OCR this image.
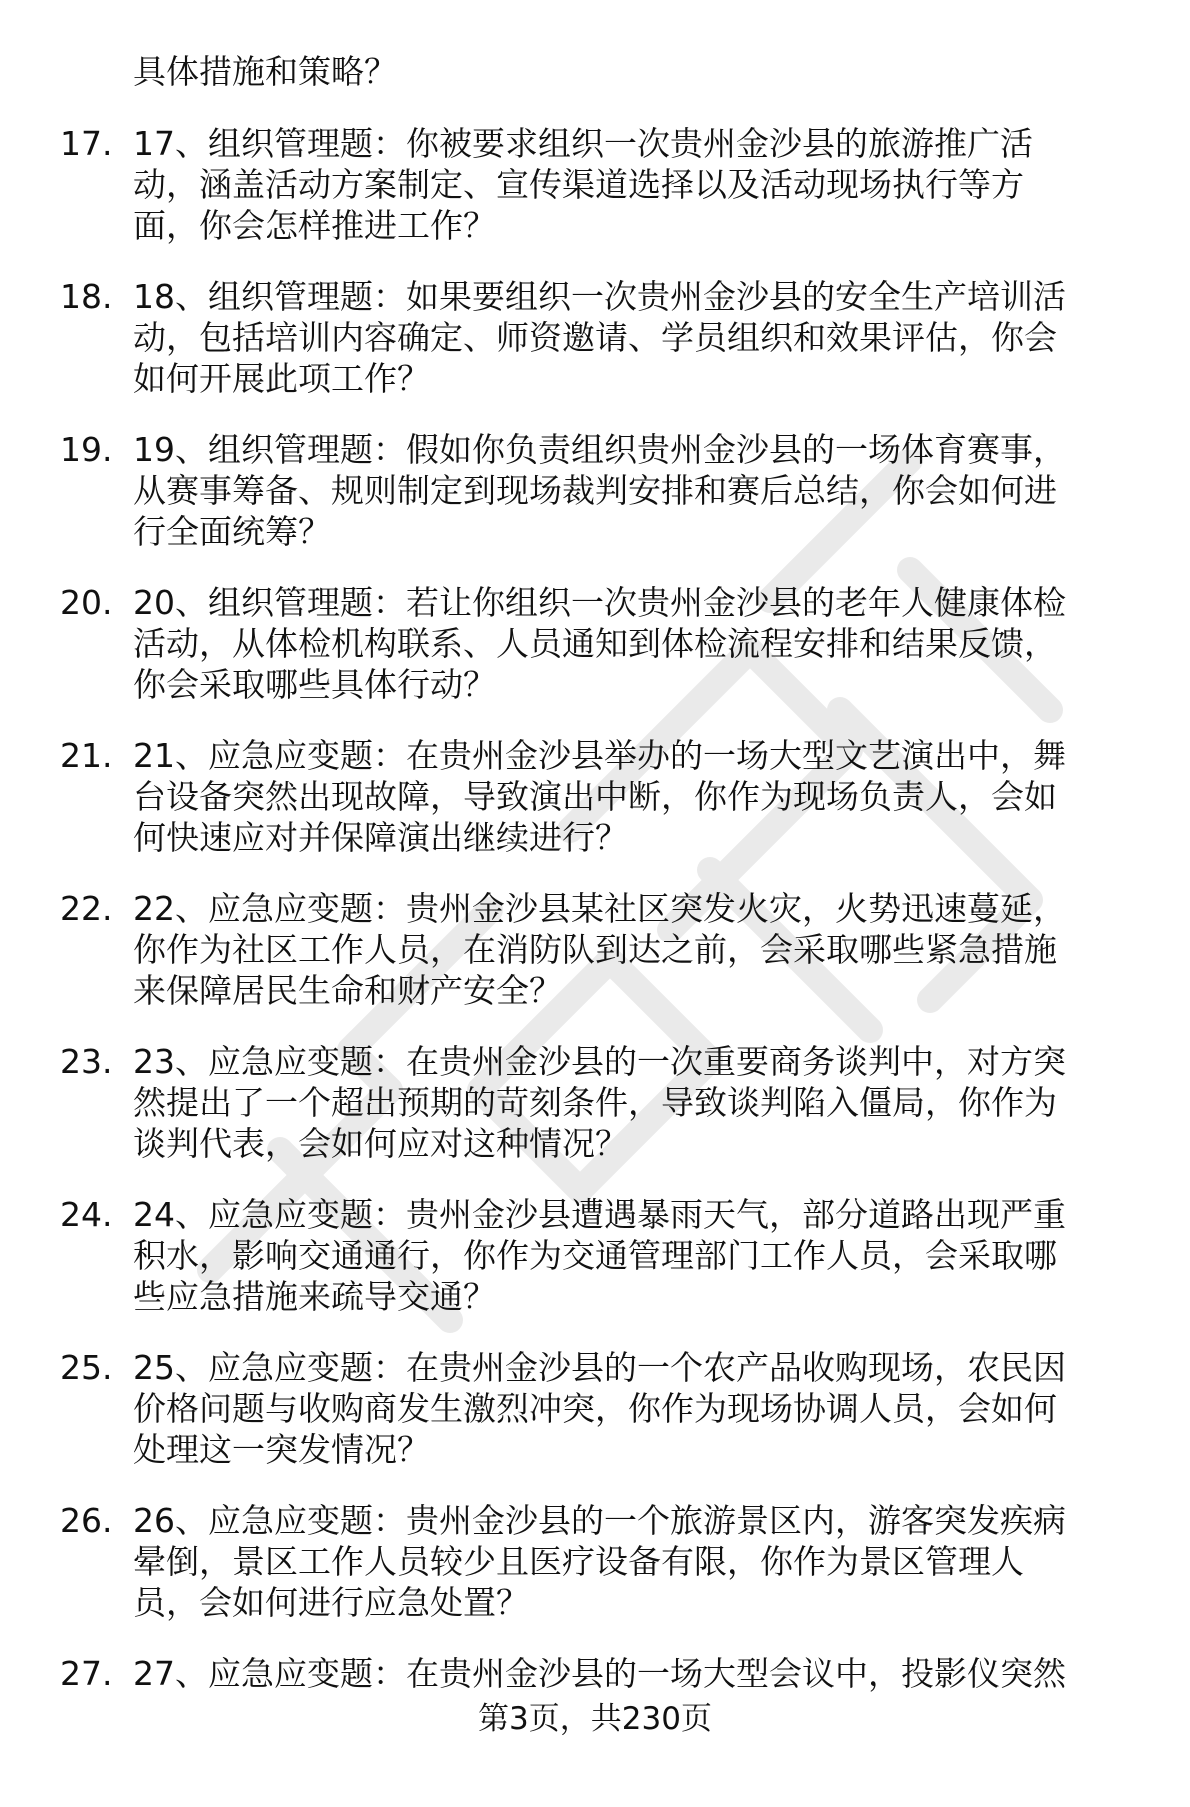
具体措施和策略？
17. 17、组织管理题：你被要求组织一次贵州金沙县的旅游推广活
动，涵盖活动方案制定、宣传渠道选择以及活动现场执行等方
面，你会怎样推进工作？
18. 18、组织管理题：如果要组织一次贵州金沙县的安全生产培训活
动，包括培训内容确定、师资邀请、学员组织和效果评估，你会
如何开展此项工作？
19. 19、组织管理题：假如你负责组织贵州金沙县的一场体育赛事，
从赛事筹备、规则制定到现场裁判安排和赛后总结，你会如何进
行全面统筹？
20. 20、组织管理题：若让你组织一次贵州金沙县的老年人健康体检
活动，从体检机构联系、人员通知到体检流程安排和结果反馈，
你会采取哪些具体行动？
21. 21、应急应变题：在贵州金沙县举办的一场大型文艺演出中，舞
台设备突然出现故障，导致演出中断，你作为现场负责人，会如
何快速应对并保障演出继续进行？
22. 22、应急应变题：贵州金沙县某社区突发火灾，火势迅速蔓延，
你作为社区工作人员，在消防队到达之前，会采取哪些紧急措施
来保障居民生命和财产安全？
23. 23、应急应变题：在贵州金沙县的一次重要商务谈判中，对方突
然提出了一个超出预期的苛刻条件，导致谈判陷入僵局，你作为
谈判代表，会如何应对这种情况？
24. 24、应急应变题：贵州金沙县遭遇暴雨天气，部分道路出现严重
积水，影响交通通行，你作为交通管理部门工作人员，会采取哪
些应急措施来疏导交通？
25. 25、应急应变题：在贵州金沙县的一个农产品收购现场，农民因
价格问题与收购商发生激烈冲突，你作为现场协调人员，会如何
处理这一突发情况？
26. 26、应急应变题：贵州金沙县的一个旅游景区内，游客突发疾病
晕倒，景区工作人员较少且医疗设备有限，你作为景区管理人
员，会如何进行应急处置？
27. 27、应急应变题：在贵州金沙县的一场大型会议中，投影仪突然
第3页，共230页
